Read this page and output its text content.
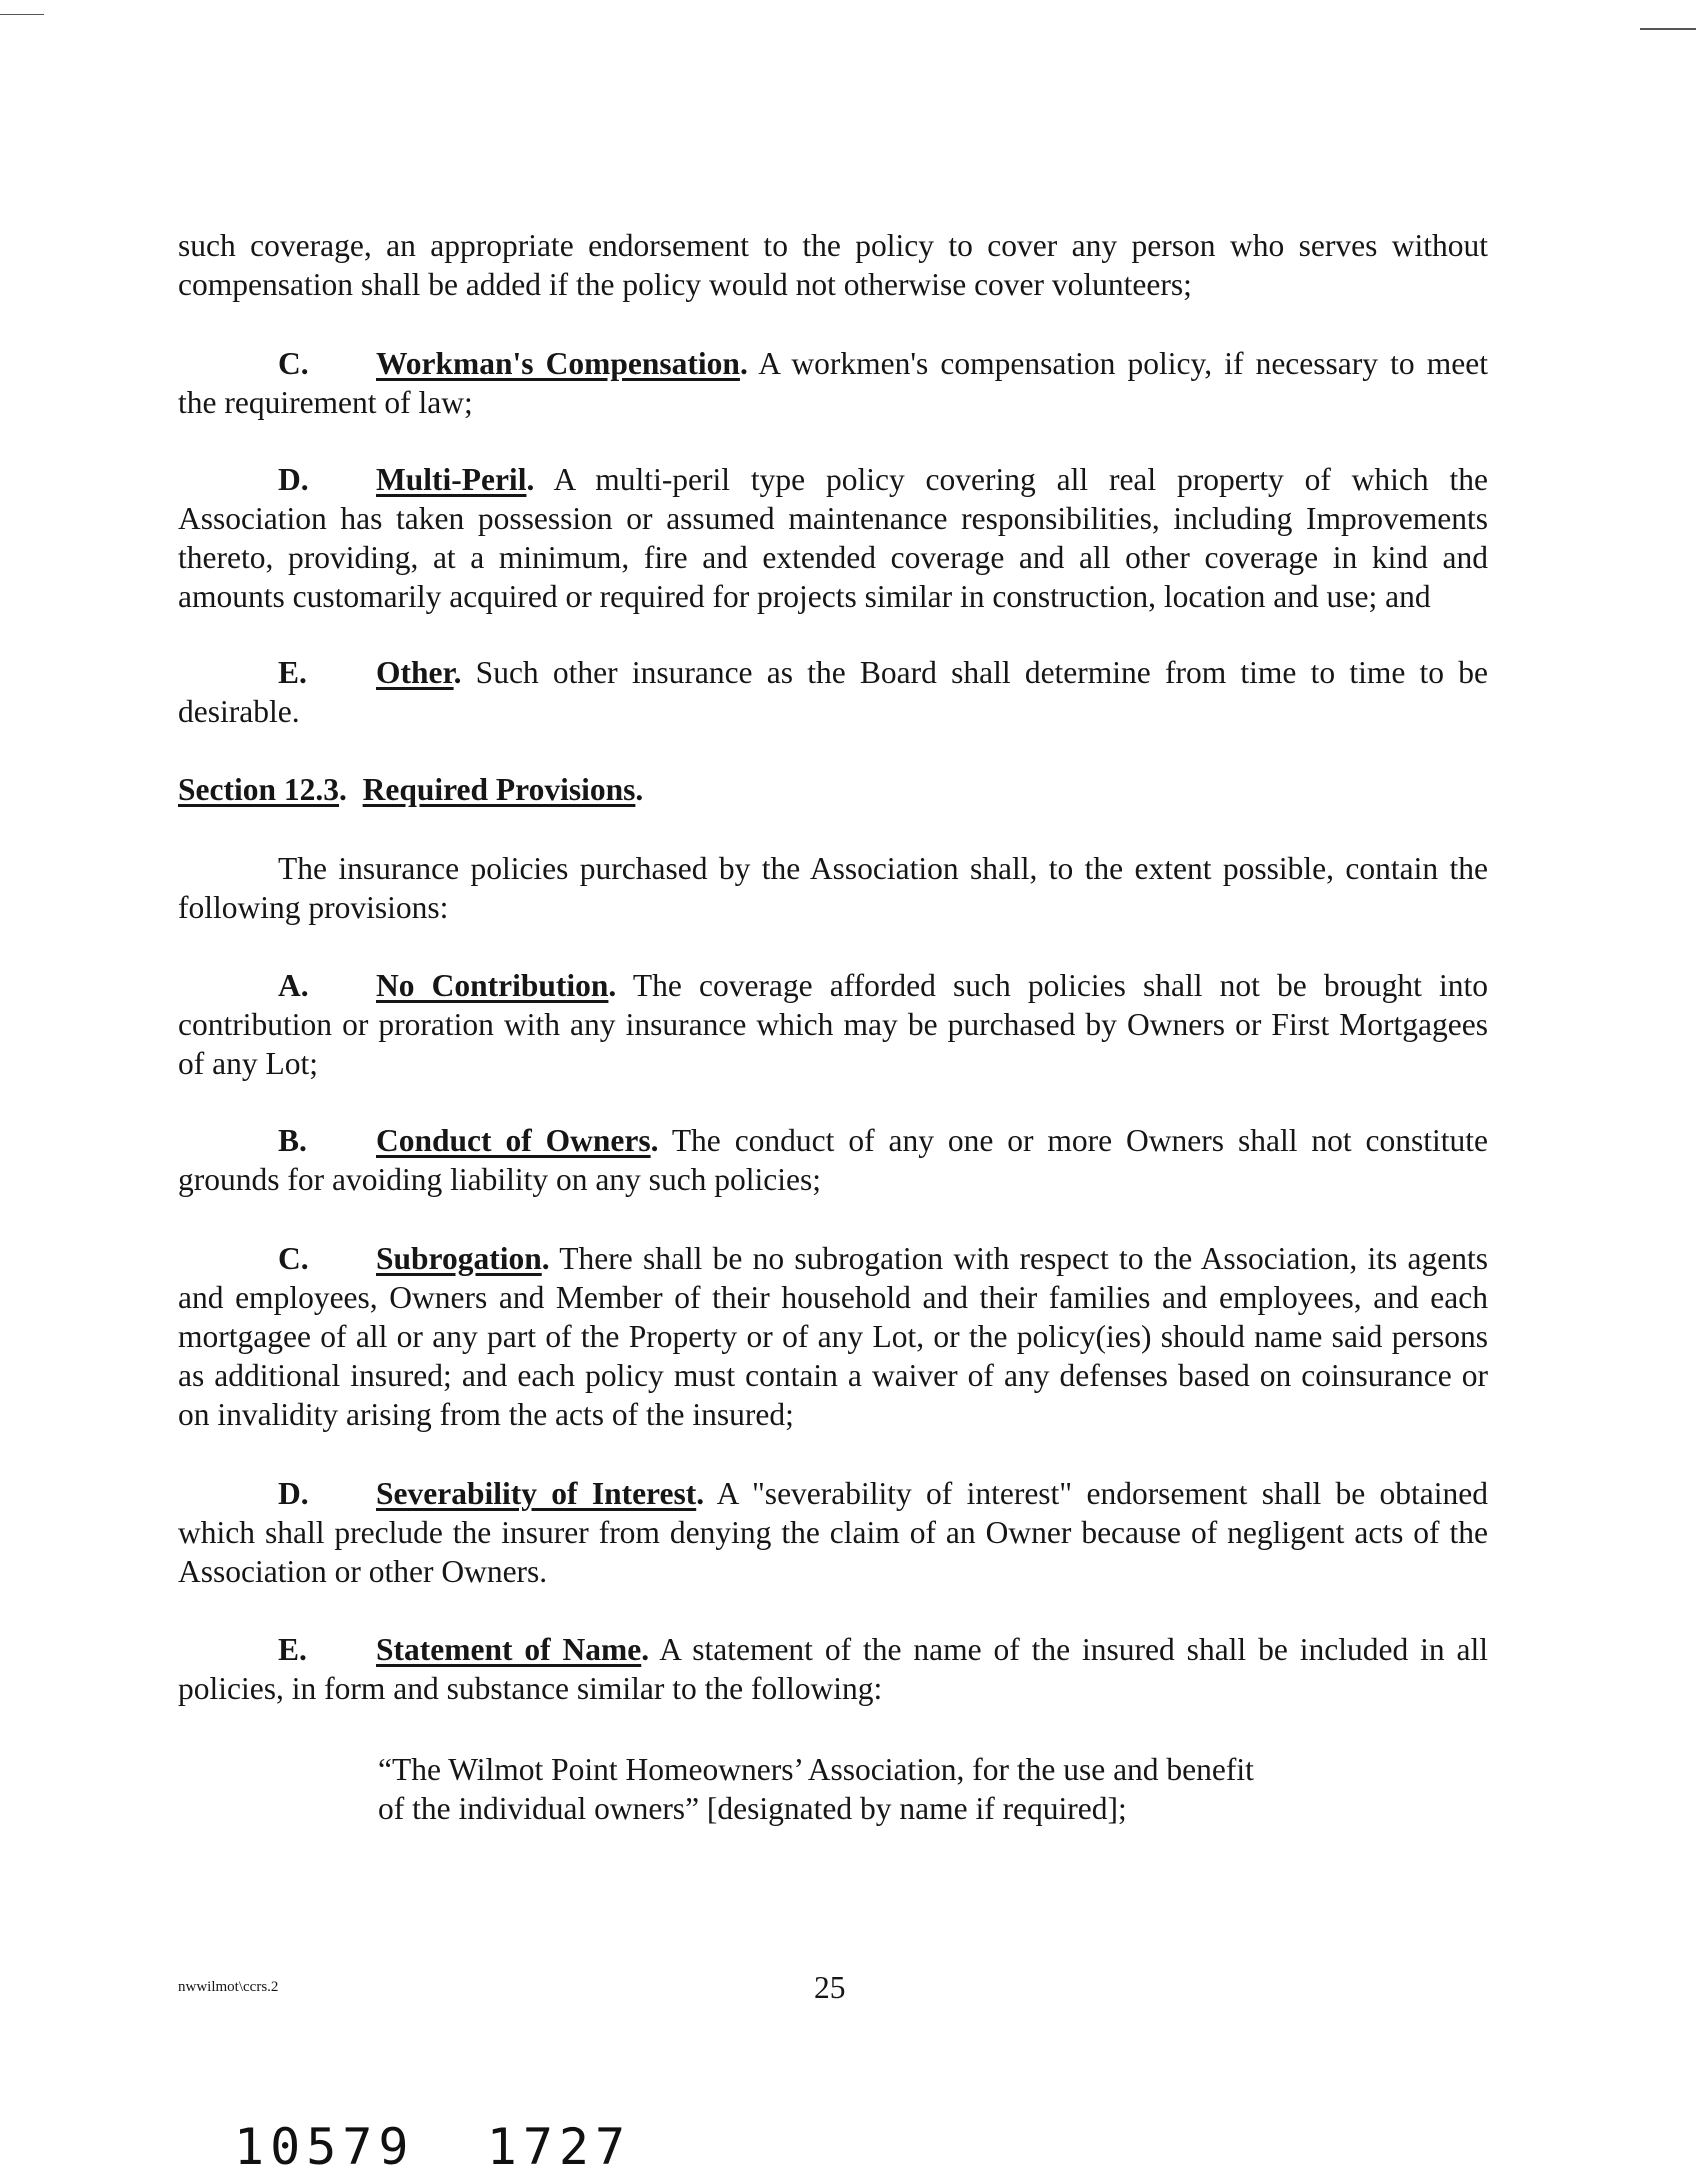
such coverage, an appropriate endorsement to the policy to cover any person who serves without compensation shall be added if the policy would not otherwise cover volunteers;

C. Workman's Compensation. A workmen's compensation policy, if necessary to meet the requirement of law;

D. Multi-Peril. A multi-peril type policy covering all real property of which the Association has taken possession or assumed maintenance responsibilities, including Improvements thereto, providing, at a minimum, fire and extended coverage and all other coverage in kind and amounts customarily acquired or required for projects similar in construction, location and use; and

E. Other. Such other insurance as the Board shall determine from time to time to be desirable.

Section 12.3.  Required Provisions.

The insurance policies purchased by the Association shall, to the extent possible, contain the following provisions:

A. No Contribution. The coverage afforded such policies shall not be brought into contribution or proration with any insurance which may be purchased by Owners or First Mortgagees of any Lot;

B. Conduct of Owners. The conduct of any one or more Owners shall not constitute grounds for avoiding liability on any such policies;

C. Subrogation. There shall be no subrogation with respect to the Association, its agents and employees, Owners and Member of their household and their families and employees, and each mortgagee of all or any part of the Property or of any Lot, or the policy(ies) should name said persons as additional insured; and each policy must contain a waiver of any defenses based on coinsurance or on invalidity arising from the acts of the insured;

D. Severability of Interest. A "severability of interest" endorsement shall be obtained which shall preclude the insurer from denying the claim of an Owner because of negligent acts of the Association or other Owners.

E. Statement of Name. A statement of the name of the insured shall be included in all policies, in form and substance similar to the following:

“The Wilmot Point Homeowners’ Association, for the use and benefit
of the individual owners” [designated by name if required];
nwwilmot\ccrs.2	25
10579  1727
